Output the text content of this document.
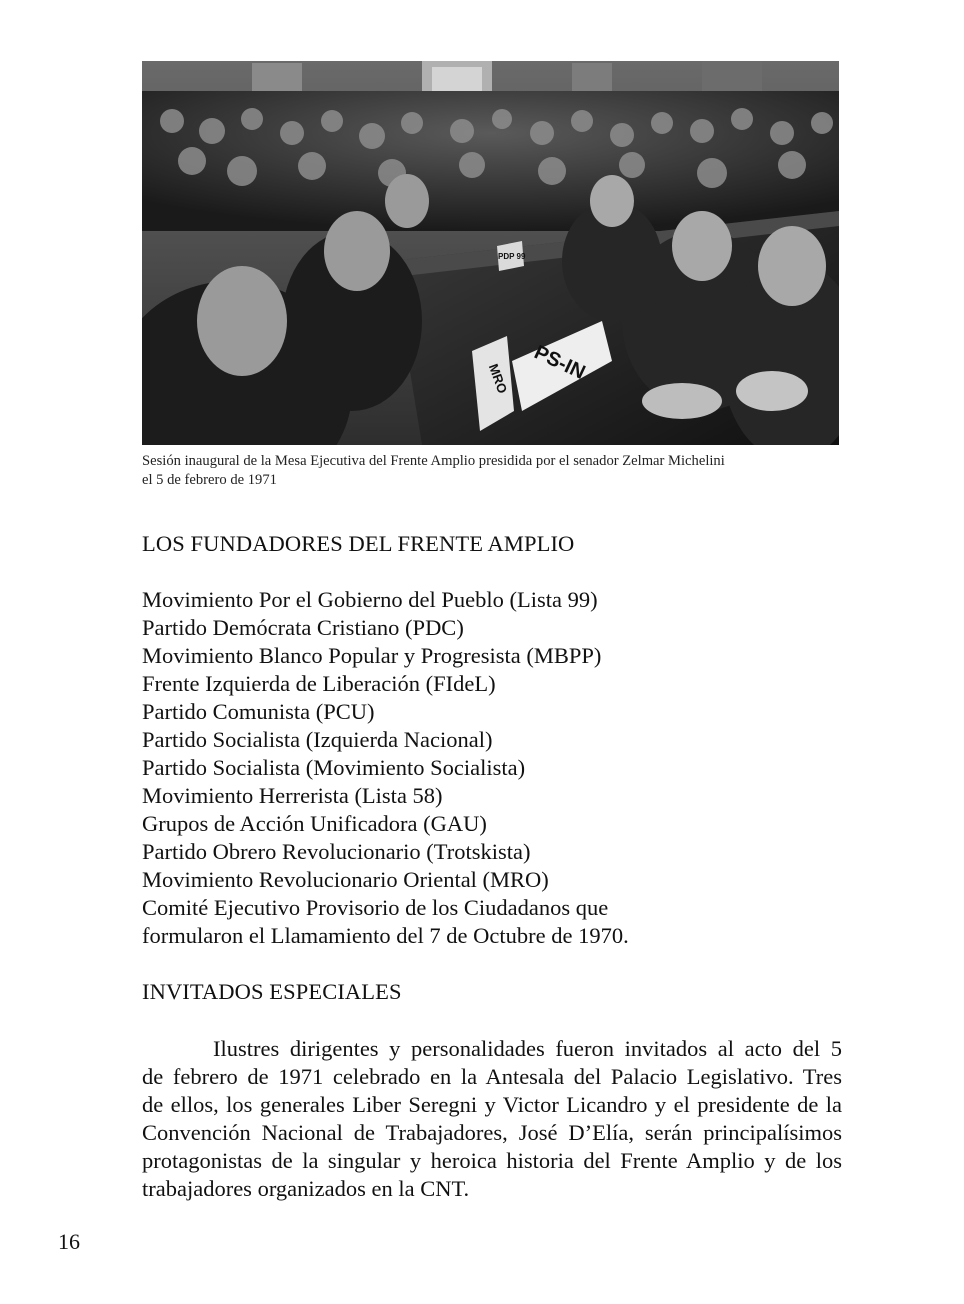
PS-IN
MRO
PDP 99
Sesión inaugural de la Mesa Ejecutiva del Frente Amplio presidida por el senador Zelmar Michelini
el 5 de febrero de 1971
LOS FUNDADORES DEL FRENTE AMPLIO
Movimiento Por el Gobierno del Pueblo (Lista 99)
Partido Demócrata Cristiano (PDC)
Movimiento Blanco Popular y Progresista (MBPP)
Frente Izquierda de Liberación (FIdeL)
Partido Comunista (PCU)
Partido Socialista (Izquierda Nacional)
Partido Socialista (Movimiento Socialista)
Movimiento Herrerista (Lista 58)
Grupos de Acción Unificadora (GAU)
Partido Obrero Revolucionario (Trotskista)
Movimiento Revolucionario Oriental (MRO)
Comité Ejecutivo Provisorio de los Ciudadanos que
formularon el Llamamiento del 7 de Octubre de 1970.
INVITADOS ESPECIALES
Ilustres dirigentes y personalidades fueron invitados al acto del 5
de febrero de 1971 celebrado en la Antesala del Palacio Legislativo. Tres
de ellos, los generales Liber Seregni y Victor Licandro y el presidente de la
Convención Nacional de Trabajadores, José D’Elía, serán principalísimos
protagonistas de la singular y heroica historia del Frente Amplio y de los
trabajadores organizados en la CNT.
16
